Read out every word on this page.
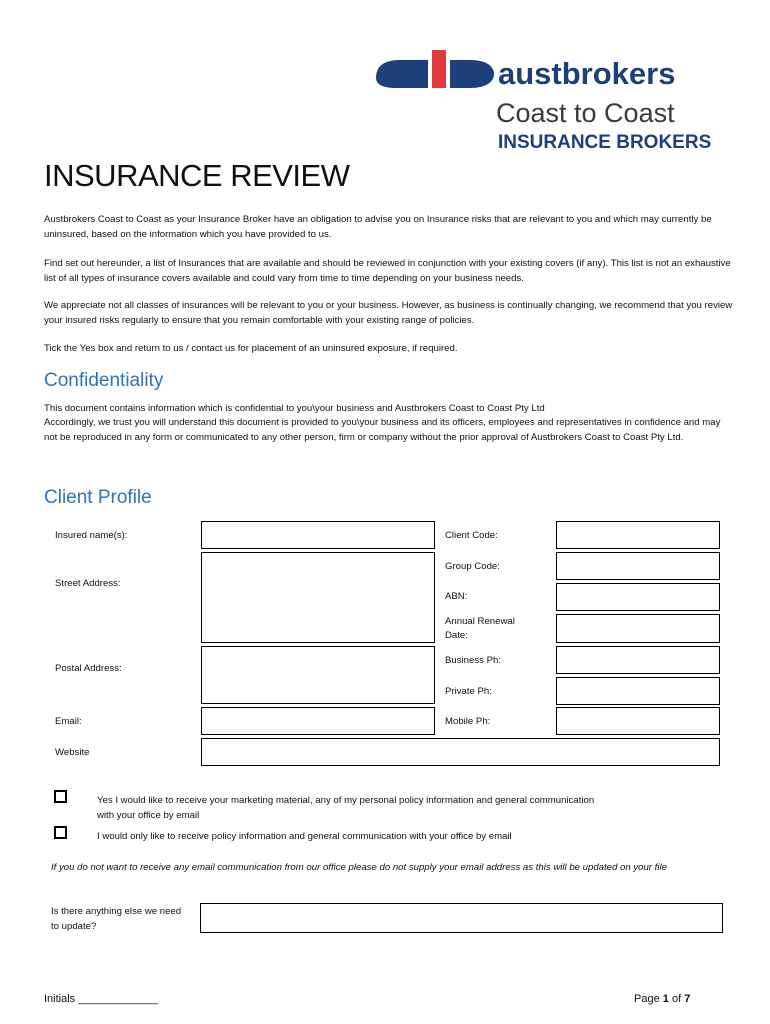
austbrokers
Coast to Coast
INSURANCE BROKERS
INSURANCE REVIEW
Austbrokers Coast to Coast as your Insurance Broker have an obligation to advise you on Insurance risks that are relevant to you and which may currently be uninsured, based on the information which you have provided to us.
Find set out hereunder, a list of Insurances that are available and should be reviewed in conjunction with your existing covers (if any). This list is not an exhaustive list of all types of insurance covers available and could vary from time to time depending on your business needs.
We appreciate not all classes of insurances will be relevant to you or your business. However, as business is continually changing, we recommend that you review your insured risks regularly to ensure that you remain comfortable with your existing range of policies.
Tick the Yes box and return to us / contact us for placement of an uninsured exposure, if required.
Confidentiality
This document contains information which is confidential to you\your business and Austbrokers Coast to Coast Pty Ltd
Accordingly, we trust you will understand this document is provided to you\your business and its officers, employees and representatives in confidence and may not be reproduced in any form or communicated to any other person, firm or company without the prior approval of Austbrokers Coast to Coast Pty Ltd.
Client Profile
Insured name(s):
Street Address:
Postal Address:
Email:
Website
Client Code:
Group Code:
ABN:
Annual Renewal
Date:
Business Ph:
Private Ph:
Mobile Ph:
Yes I would like to receive your marketing material, any of my personal policy information and general communication
with your office by email
I would only like to receive policy information and general communication with your office by email
If you do not want to receive any email communication from our office please do not supply your email address as this will be updated on your file
Is there anything else we need
to update?
Initials _____________	Page 1 of 7
